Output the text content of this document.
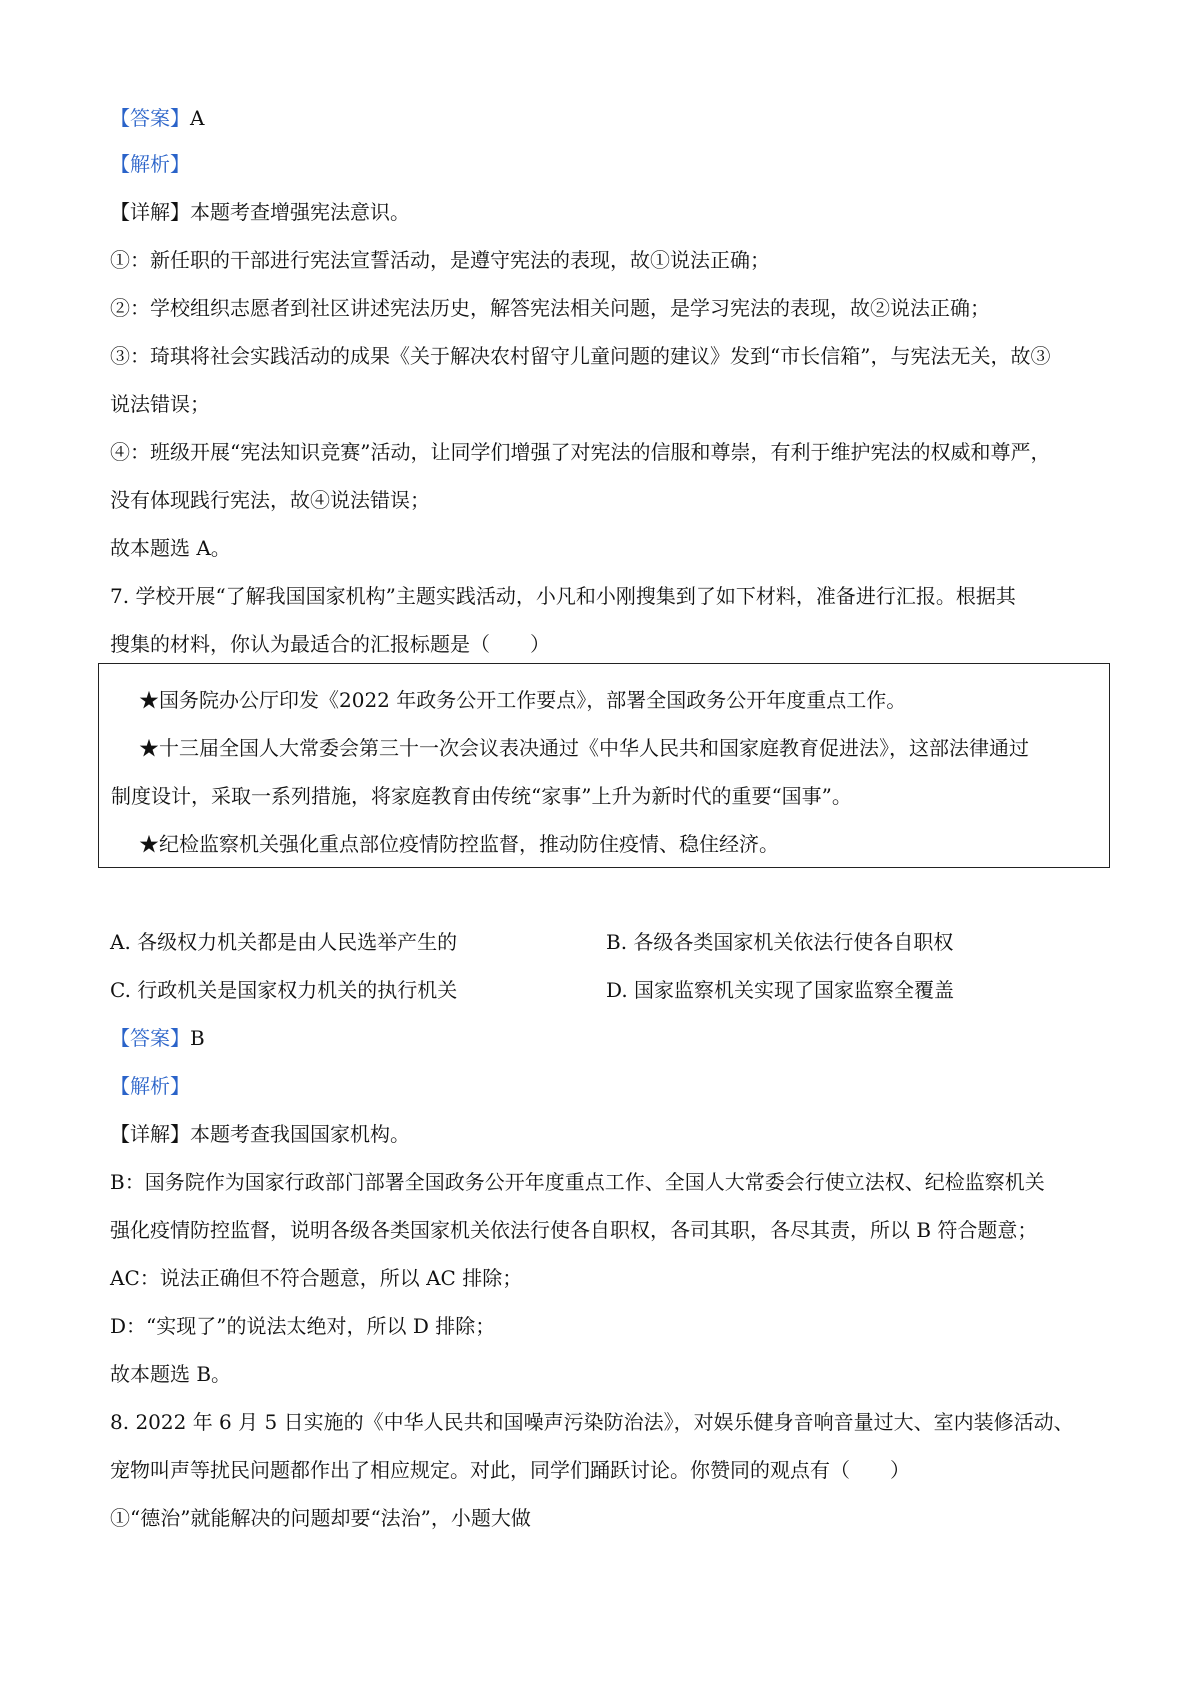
【答案】A
【解析】
【详解】本题考查增强宪法意识。
①：新任职的干部进行宪法宣誓活动，是遵守宪法的表现，故①说法正确；
②：学校组织志愿者到社区讲述宪法历史，解答宪法相关问题，是学习宪法的表现，故②说法正确；
③：琦琪将社会实践活动的成果《关于解决农村留守儿童问题的建议》发到“市长信箱”，与宪法无关，故③
说法错误；
④：班级开展“宪法知识竞赛”活动，让同学们增强了对宪法的信服和尊崇，有利于维护宪法的权威和尊严，
没有体现践行宪法，故④说法错误；
故本题选 A。
7. 学校开展“了解我国国家机构”主题实践活动，小凡和小刚搜集到了如下材料，准备进行汇报。根据其
搜集的材料，你认为最适合的汇报标题是（　　）
★国务院办公厅印发《2022 年政务公开工作要点》，部署全国政务公开年度重点工作。
★十三届全国人大常委会第三十一次会议表决通过《中华人民共和国家庭教育促进法》，这部法律通过
制度设计，采取一系列措施，将家庭教育由传统“家事”上升为新时代的重要“国事”。
★纪检监察机关强化重点部位疫情防控监督，推动防住疫情、稳住经济。
A. 各级权力机关都是由人民选举产生的	B. 各级各类国家机关依法行使各自职权
C. 行政机关是国家权力机关的执行机关	D. 国家监察机关实现了国家监察全覆盖
【答案】B
【解析】
【详解】本题考查我国国家机构。
B：国务院作为国家行政部门部署全国政务公开年度重点工作、全国人大常委会行使立法权、纪检监察机关
强化疫情防控监督，说明各级各类国家机关依法行使各自职权，各司其职，各尽其责，所以 B 符合题意；
AC：说法正确但不符合题意，所以 AC 排除；
D：“实现了”的说法太绝对，所以 D 排除；
故本题选 B。
8. 2022 年 6 月 5 日实施的《中华人民共和国噪声污染防治法》，对娱乐健身音响音量过大、室内装修活动、
宠物叫声等扰民问题都作出了相应规定。对此，同学们踊跃讨论。你赞同的观点有（　　）
①“德治”就能解决的问题却要“法治”，小题大做
